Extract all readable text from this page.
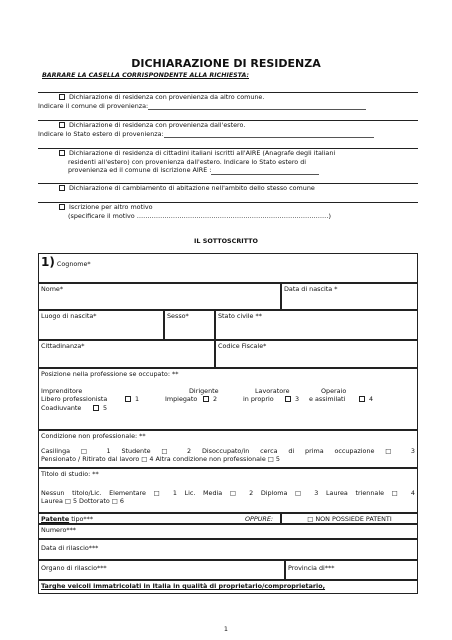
DICHIARAZIONE DI RESIDENZA
BARRARE LA CASELLA CORRISPONDENTE ALLA RICHIESTA:
Dichiarazione di residenza con provenienza da altro comune.
Indicare il comune di provenienza:
Dichiarazione di residenza con provenienza dall'estero.
Indicare lo Stato estero di provenienza:
Dichiarazione di residenza di cittadini italiani iscritti all'AIRE (Anagrafe degli italiani
residenti all'estero) con provenienza dall'estero. Indicare lo Stato estero di
provenienza ed il comune di iscrizione AIRE :
Dichiarazione di cambiamento di abitazione nell'ambito dello stesso comune
Iscrizione per altro motivo
(specificare il motivo ………………………………………………………………………………)
IL SOTTOSCRITTO
1) Cognome*
Nome*	Data di nascita *
Luogo di nascita*	Sesso*	Stato civile **
Cittadinanza*	Codice Fiscale*
Posizione nella professione se occupato: **
Imprenditore	Dirigente	Lavoratore	Operaio
Libero professionista	1	Impiegato	2	in proprio	3 e assimilati	4
Coadiuvante	5
Condizione non professionale: **
Casilinga □ 1 Studente □ 2 Disoccupato/in cerca di prima occupazione □ 3
Pensionato / Ritirato dal lavoro □ 4 Altra condizione non professionale □ 5
Titolo di studio: **
Nessun titolo/Lic. Elementare □ 1 Lic. Media □ 2 Diploma □ 3 Laurea triennale □ 4
Laurea □ 5 Dottorato □ 6
Patente tipo***	OPPURE:	□ NON POSSIEDE PATENTI
Numero***
Data di rilascio***
Organo di rilascio***	Provincia di***
Targhe veicoli immatricolati in Italia in qualità di proprietario/comproprietario,
1
